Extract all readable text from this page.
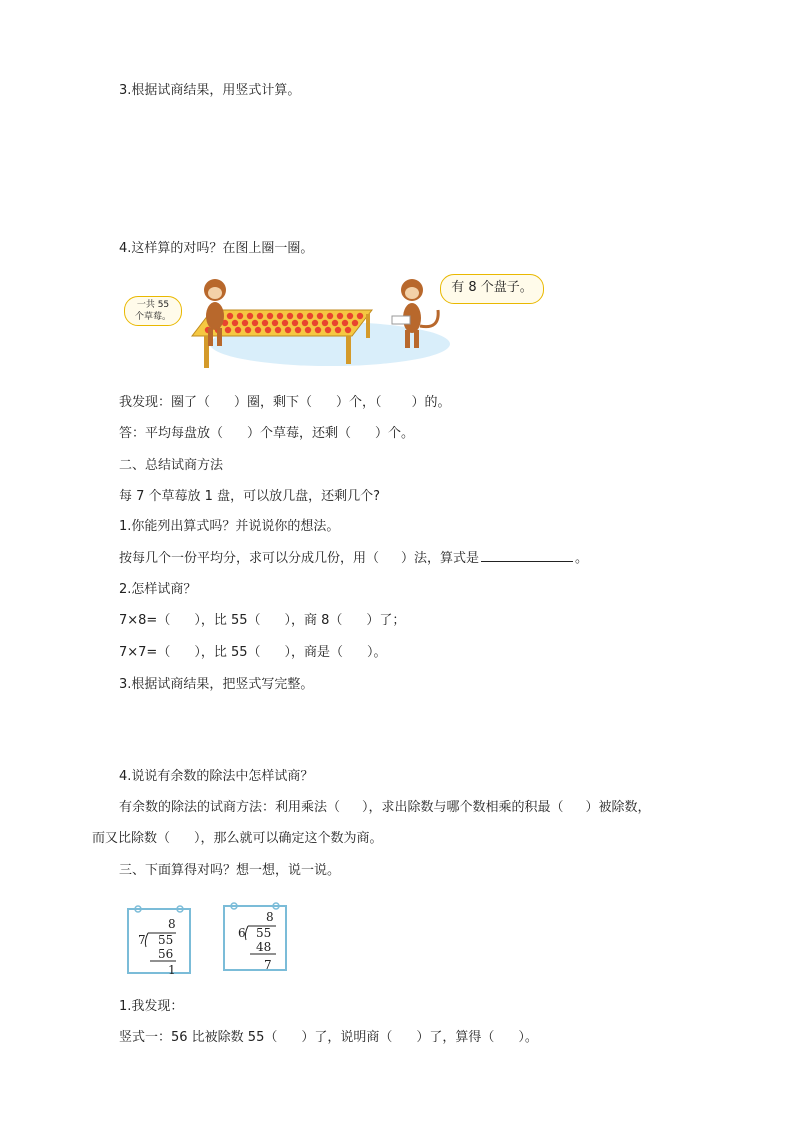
3.根据试商结果，用竖式计算。
4.这样算的对吗？在图上圈一圈。
一共 55
个草莓。
有 8 个盘子。
我发现：圈了（ ）圈，剩下（ ）个，（ ）的。
答：平均每盘放（ ）个草莓，还剩（ ）个。
二、总结试商方法
每 7 个草莓放 1 盘，可以放几盘，还剩几个?
1.你能列出算式吗？并说说你的想法。
按每几个一份平均分，求可以分成几份，用（ ）法，算式是	。
2.怎样试商？
7×8=（ ），比 55（ ），商 8（ ）了；
7×7=（ ），比 55（ ），商是（ ）。
3.根据试商结果，把竖式写完整。
4.说说有余数的除法中怎样试商？
有余数的除法的试商方法：利用乘法（ ），求出除数与哪个数相乘的积最（ ）被除数，
而又比除数（ ），那么就可以确定这个数为商。
三、下面算得对吗？想一想，说一说。
8
7 55
56
1
8
6 55
48
7
1.我发现：
竖式一：56 比被除数 55（ ）了，说明商（ ）了，算得（ ）。
